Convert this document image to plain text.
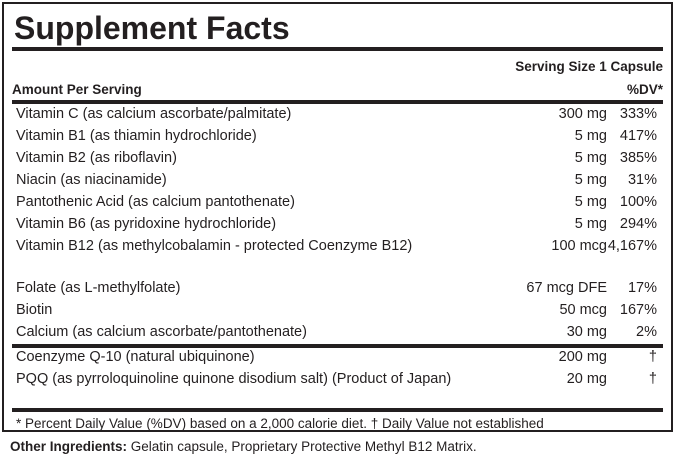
Supplement Facts
Serving Size 1 Capsule
Amount Per Serving	%DV*
Vitamin C (as calcium ascorbate/palmitate)	300 mg 333%
Vitamin B1 (as thiamin hydrochloride)	5 mg 417%
Vitamin B2 (as riboflavin)	5 mg 385%
Niacin (as niacinamide)	5 mg 31%
Pantothenic Acid (as calcium pantothenate)	5 mg 100%
Vitamin B6 (as pyridoxine hydrochloride)	5 mg 294%
Vitamin B12 (as methylcobalamin - protected Coenzyme B12)	100 mcg 4,167%
Folate (as L-methylfolate)	67 mcg DFE 17%
Biotin	50 mcg 167%
Calcium (as calcium ascorbate/pantothenate)	30 mg 2%
Coenzyme Q-10 (natural ubiquinone)	200 mg	†
PQQ (as pyrroloquinoline quinone disodium salt) (Product of Japan)	20 mg	†
* Percent Daily Value (%DV) based on a 2,000 calorie diet. † Daily Value not established
Other Ingredients: Gelatin capsule, Proprietary Protective Methyl B12 Matrix.
